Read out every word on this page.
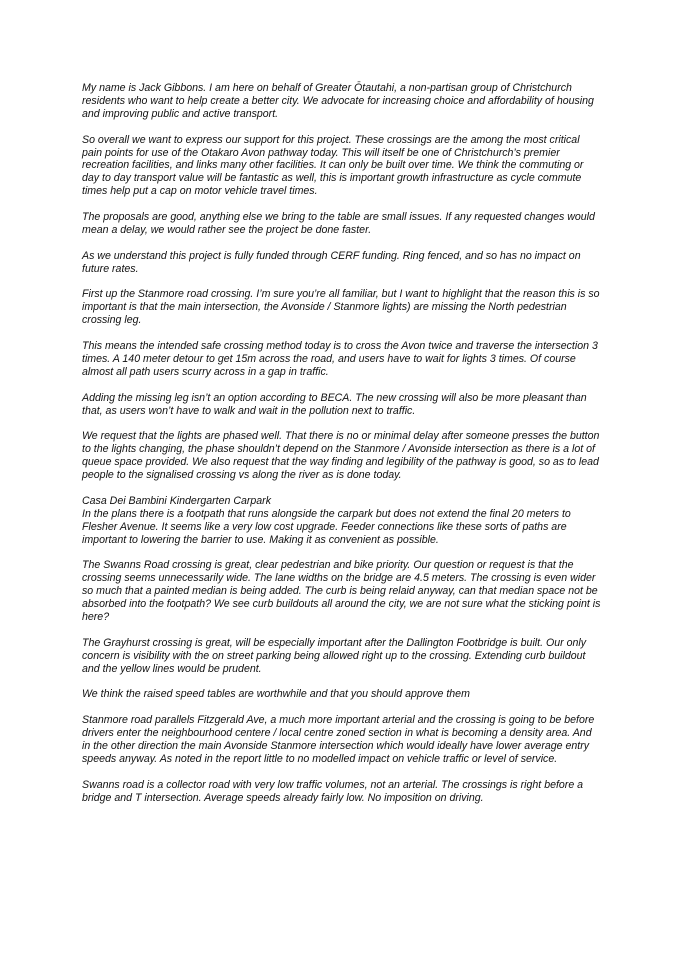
My name is Jack Gibbons. I am here on behalf of Greater Ōtautahi, a non-partisan group of Christchurch residents who want to help create a better city. We advocate for increasing choice and affordability of housing and improving public and active transport.

So overall we want to express our support for this project. These crossings are the among the most critical pain points for use of the Otakaro Avon pathway today. This will itself be one of Christchurch’s premier recreation facilities, and links many other facilities. It can only be built over time. We think the commuting or day to day transport value will be fantastic as well, this is important growth infrastructure as cycle commute times help put a cap on motor vehicle travel times.

The proposals are good, anything else we bring to the table are small issues. If any requested changes would mean a delay, we would rather see the project be done faster.

As we understand this project is fully funded through CERF funding. Ring fenced, and so has no impact on future rates.

First up the Stanmore road crossing. I’m sure you’re all familiar, but I want to highlight that the reason this is so important is that the main intersection, the Avonside / Stanmore lights) are missing the North pedestrian crossing leg.

This means the intended safe crossing method today is to cross the Avon twice and traverse the intersection 3 times. A 140 meter detour to get 15m across the road, and users have to wait for lights 3 times. Of course almost all path users scurry across in a gap in traffic.

Adding the missing leg isn’t an option according to BECA. The new crossing will also be more pleasant than that, as users won’t have to walk and wait in the pollution next to traffic.

We request that the lights are phased well. That there is no or minimal delay after someone presses the button to the lights changing, the phase shouldn’t depend on the Stanmore / Avonside intersection as there is a lot of queue space provided. We also request that the way finding and legibility of the pathway is good, so as to lead people to the signalised crossing vs along the river as is done today.

Casa Dei Bambini Kindergarten Carpark
In the plans there is a footpath that runs alongside the carpark but does not extend the final 20 meters to Flesher Avenue. It seems like a very low cost upgrade. Feeder connections like these sorts of paths are important to lowering the barrier to use. Making it as convenient as possible.

The Swanns Road crossing is great, clear pedestrian and bike priority. Our question or request is that the crossing seems unnecessarily wide. The lane widths on the bridge are 4.5 meters. The crossing is even wider so much that a painted median is being added. The curb is being relaid anyway, can that median space not be absorbed into the footpath? We see curb buildouts all around the city, we are not sure what the sticking point is here?

The Grayhurst crossing is great, will be especially important after the Dallington Footbridge is built. Our only concern is visibility with the on street parking being allowed right up to the crossing. Extending curb buildout and the yellow lines would be prudent.

We think the raised speed tables are worthwhile and that you should approve them

Stanmore road parallels Fitzgerald Ave, a much more important arterial and the crossing is going to be before drivers enter the neighbourhood centere / local centre zoned section in what is becoming a density area. And in the other direction the main Avonside Stanmore intersection which would ideally have lower average entry speeds anyway. As noted in the report little to no modelled impact on vehicle traffic or level of service.

Swanns road is a collector road with very low traffic volumes, not an arterial. The crossings is right before a bridge and T intersection. Average speeds already fairly low. No imposition on driving.
